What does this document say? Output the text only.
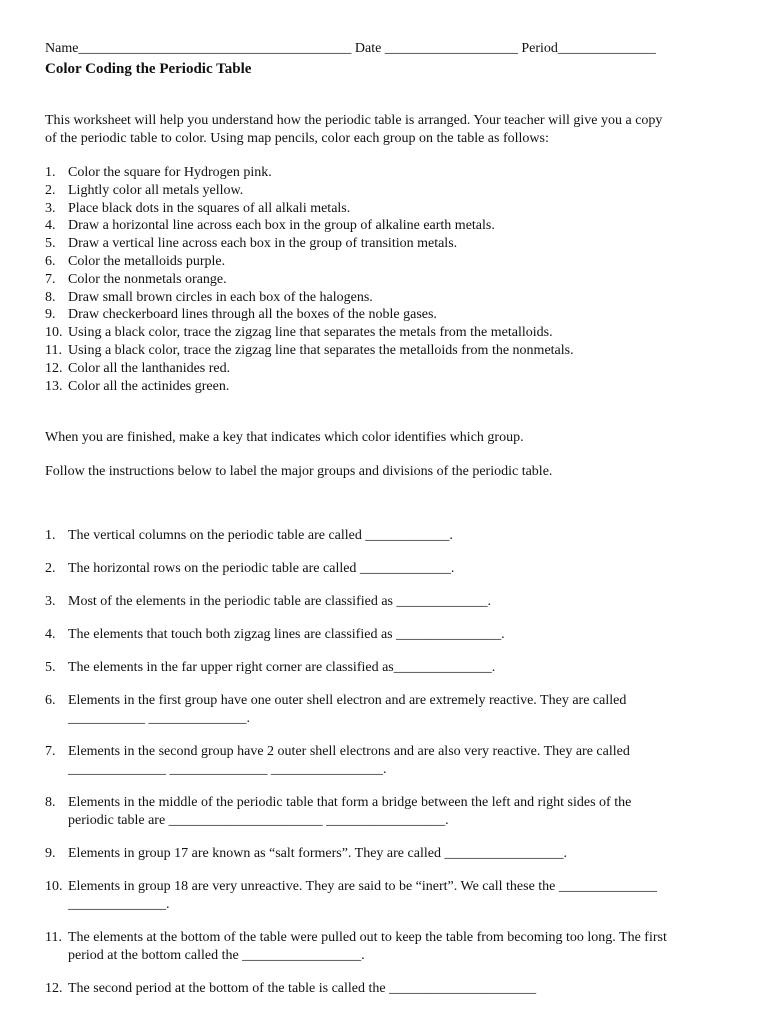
Name_______________________________________ Date ___________________ Period______________
Color Coding the Periodic Table

This worksheet will help you understand how the periodic table is arranged. Your teacher will give you a copy

of the periodic table to color. Using map pencils, color each group on the table as follows:

1. Color the square for Hydrogen pink.
2. Lightly color all metals yellow.
3. Place black dots in the squares of all alkali metals.
4. Draw a horizontal line across each box in the group of alkaline earth metals.
5. Draw a vertical line across each box in the group of transition metals.
6. Color the metalloids purple.
7. Color the nonmetals orange.
8. Draw small brown circles in each box of the halogens.
9. Draw checkerboard lines through all the boxes of the noble gases.
10. Using a black color, trace the zigzag line that separates the metals from the metalloids.
11. Using a black color, trace the zigzag line that separates the metalloids from the nonmetals.
12. Color all the lanthanides red.
13. Color all the actinides green.
When you are finished, make a key that indicates which color identifies which group.
Follow the instructions below to label the major groups and divisions of the periodic table.
1. The vertical columns on the periodic table are called ____________.
2. The horizontal rows on the periodic table are called _____________.
3. Most of the elements in the periodic table are classified as _____________.
4. The elements that touch both zigzag lines are classified as _______________.
5. The elements in the far upper right corner are classified as______________.
6. Elements in the first group have one outer shell electron and are extremely reactive. They are called
___________ ______________.
7. Elements in the second group have 2 outer shell electrons and are also very reactive. They are called
______________ ______________ ________________.
8. Elements in the middle of the periodic table that form a bridge between the left and right sides of the
periodic table are ______________________ _________________.
9. Elements in group 17 are known as “salt formers”. They are called _________________.
10. Elements in group 18 are very unreactive. They are said to be “inert”. We call these the ______________
______________.
11. The elements at the bottom of the table were pulled out to keep the table from becoming too long. The first
period at the bottom called the _________________.
12. The second period at the bottom of the table is called the _____________________
